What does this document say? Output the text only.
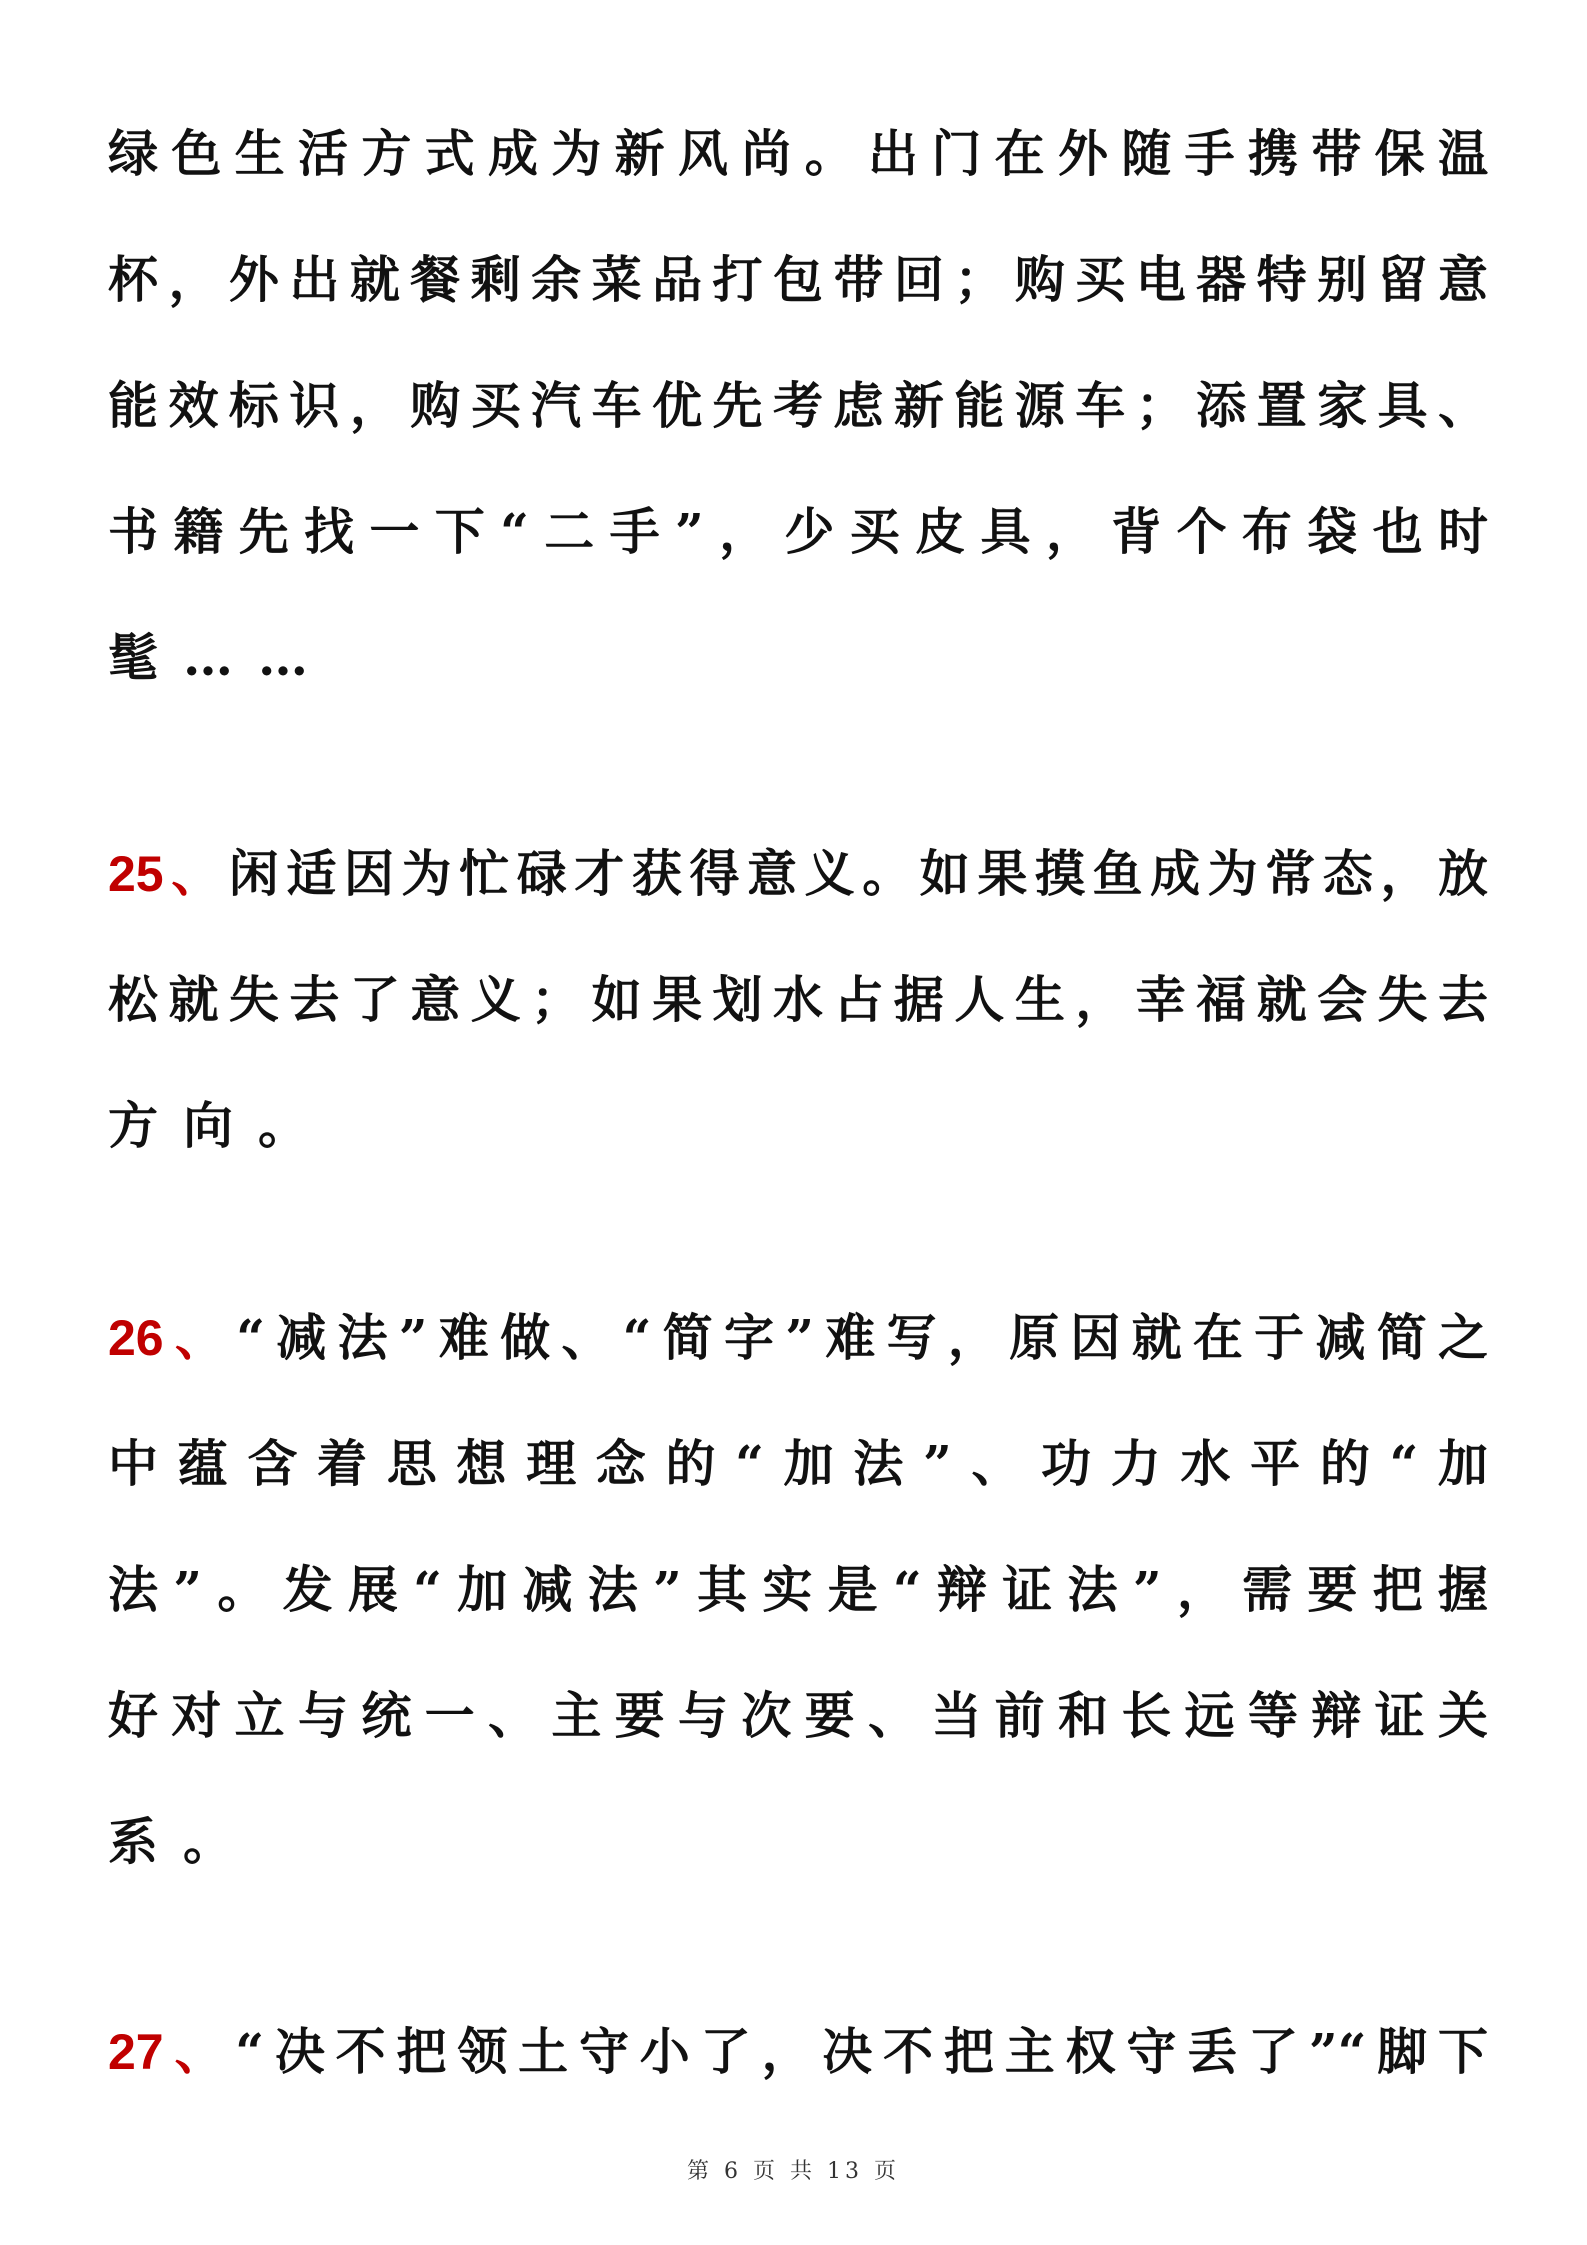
绿色生活方式成为新风尚。出门在外随手携带保温
杯，外出就餐剩余菜品打包带回；购买电器特别留意
能效标识，购买汽车优先考虑新能源车；添置家具、
书籍先找一下“二手”，少买皮具，背个布袋也时
髦……
25、闲适因为忙碌才获得意义。如果摸鱼成为常态，放
松就失去了意义；如果划水占据人生，幸福就会失去
方向。
26、“减法”难做、“简字”难写，原因就在于减简之
中蕴含着思想理念的“加法”、功力水平的“加
法”。发展“加减法”其实是“辩证法”，需要把握
好对立与统一、主要与次要、当前和长远等辩证关
系。
27、“决不把领土守小了，决不把主权守丢了”“脚下
第 6 页 共 13 页
